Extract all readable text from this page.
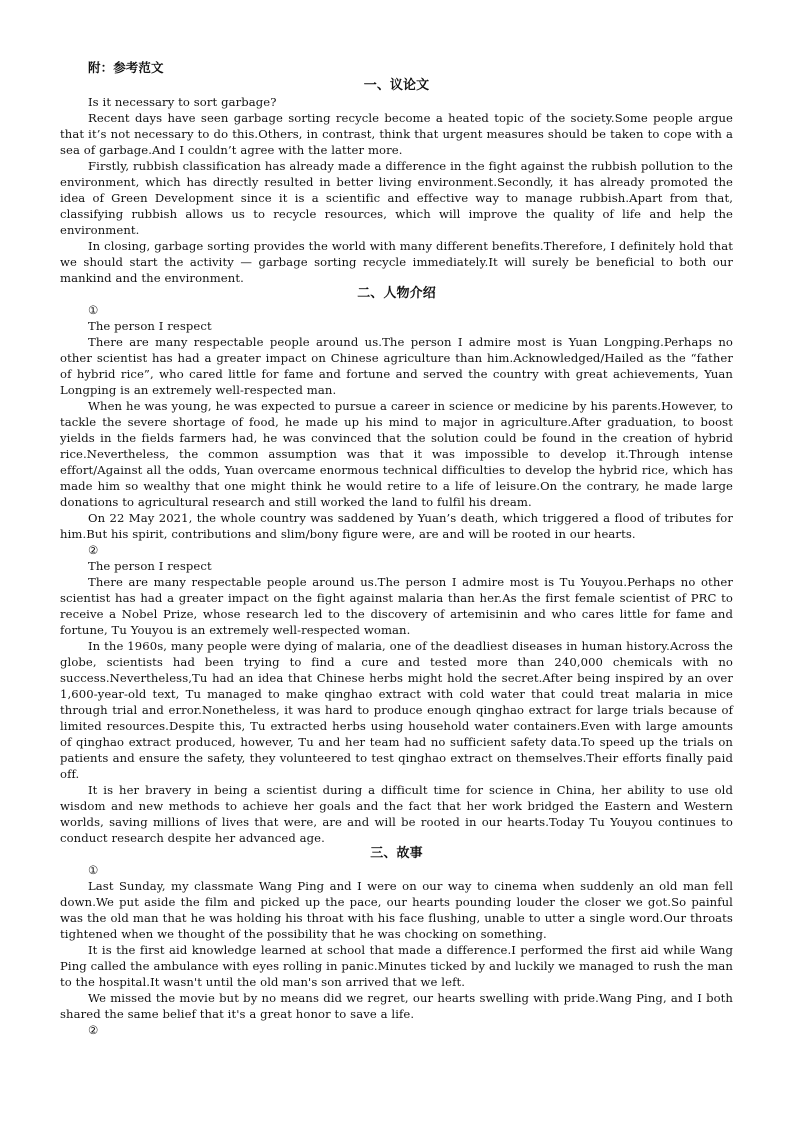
附：参考范文
一、议论文

Is it necessary to sort garbage?

Recent days have seen garbage sorting recycle become a heated topic of the society.Some people argue that it’s not necessary to do this.Others, in contrast, think that urgent measures should be taken to cope with a sea of garbage.And I couldn’t agree with the latter more.

Firstly, rubbish classification has already made a difference in the fight against the rubbish pollution to the environment, which has directly resulted in better living environment.Secondly, it has already promoted the idea of Green Development since it is a scientific and effective way to manage rubbish.Apart from that, classifying rubbish allows us to recycle resources, which will improve the quality of life and help the environment.

In closing, garbage sorting provides the world with many different benefits.Therefore, I definitely hold that we should start the activity — garbage sorting recycle immediately.It will surely be beneficial to both our mankind and the environment.

二、人物介绍

①

The person I respect

There are many respectable people around us.The person I admire most is Yuan Longping.Perhaps no other scientist has had a greater impact on Chinese agriculture than him.Acknowledged/Hailed as the “father of hybrid rice”, who cared little for fame and fortune and served the country with great achievements, Yuan Longping is an extremely well-respected man.

When he was young, he was expected to pursue a career in science or medicine by his parents.However, to tackle the severe shortage of food, he made up his mind to major in agriculture.After graduation, to boost yields in the fields farmers had, he was convinced that the solution could be found in the creation of hybrid rice.Nevertheless, the common assumption was that it was impossible to develop it.Through intense effort/Against all the odds, Yuan overcame enormous technical difficulties to develop the hybrid rice, which has made him so wealthy that one might think he would retire to a life of leisure.On the contrary, he made large donations to agricultural research and still worked the land to fulfil his dream.

On 22 May 2021, the whole country was saddened by Yuan’s death, which triggered a flood of tributes for him.But his spirit, contributions and slim/bony figure were, are and will be rooted in our hearts.

②

The person I respect

There are many respectable people around us.The person I admire most is Tu Youyou.Perhaps no other scientist has had a greater impact on the fight against malaria than her.As the first female scientist of PRC to receive a Nobel Prize, whose research led to the discovery of artemisinin and who cares little for fame and fortune, Tu Youyou is an extremely well-respected woman.

In the 1960s, many people were dying of malaria, one of the deadliest diseases in human history.Across the globe, scientists had been trying to find a cure and tested more than 240,000 chemicals with no success.Nevertheless,Tu had an idea that Chinese herbs might hold the secret.After being inspired by an over 1,600-year-old text, Tu managed to make qinghao extract with cold water that could treat malaria in mice through trial and error.Nonetheless, it was hard to produce enough qinghao extract for large trials because of limited resources.Despite this, Tu extracted herbs using household water containers.Even with large amounts of qinghao extract produced, however, Tu and her team had no sufficient safety data.To speed up the trials on patients and ensure the safety, they volunteered to test qinghao extract on themselves.Their efforts finally paid off.

It is her bravery in being a scientist during a difficult time for science in China, her ability to use old wisdom and new methods to achieve her goals and the fact that her work bridged the Eastern and Western worlds, saving millions of lives that were, are and will be rooted in our hearts.Today Tu Youyou continues to conduct research despite her advanced age.

三、故事

①

Last Sunday, my classmate Wang Ping and I were on our way to cinema when suddenly an old man fell down.We put aside the film and picked up the pace, our hearts pounding louder the closer we got.So painful was the old man that he was holding his throat with his face flushing, unable to utter a single word.Our throats tightened when we thought of the possibility that he was chocking on something.

It is the first aid knowledge learned at school that made a difference.I performed the first aid while Wang Ping called the ambulance with eyes rolling in panic.Minutes ticked by and luckily we managed to rush the man to the hospital.It wasn't until the old man's son arrived that we left.

We missed the movie but by no means did we regret, our hearts swelling with pride.Wang Ping, and I both shared the same belief that it's a great honor to save a life.

②
